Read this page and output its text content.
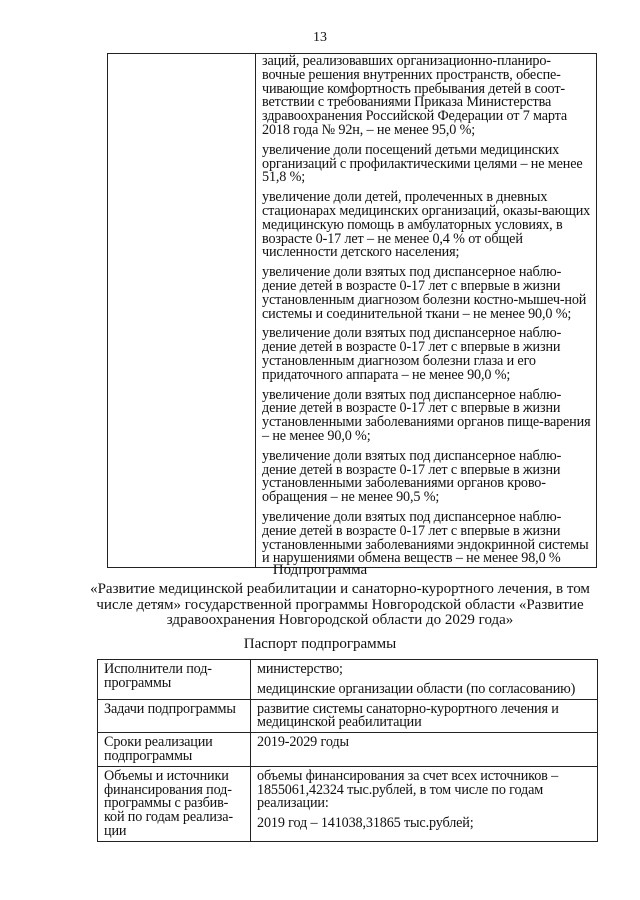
13

заций, реализовавших организационно-планиро-вочные решения внутренних пространств, обеспе-чивающие комфортность пребывания детей в соот-ветствии с требованиями Приказа Министерства здравоохранения Российской Федерации от 7 марта 2018 года № 92н, – не менее 95,0 %;

увеличение доли посещений детьми медицинских организаций с профилактическими целями – не менее 51,8 %;

увеличение доли детей, пролеченных в дневных стационарах медицинских организаций, оказы-вающих медицинскую помощь в амбулаторных условиях, в возрасте 0-17 лет – не менее 0,4 % от общей численности детского населения;

увеличение доли взятых под диспансерное наблю-дение детей в возрасте 0-17 лет с впервые в жизни установленным диагнозом болезни костно-мышеч-ной системы и соединительной ткани – не менее 90,0 %;

увеличение доли взятых под диспансерное наблю-дение детей в возрасте 0-17 лет с впервые в жизни установленным диагнозом болезни глаза и его придаточного аппарата – не менее 90,0 %;

увеличение доли взятых под диспансерное наблю-дение детей в возрасте 0-17 лет с впервые в жизни установленными заболеваниями органов пище-варения – не менее 90,0 %;

увеличение доли взятых под диспансерное наблю-дение детей в возрасте 0-17 лет с впервые в жизни установленными заболеваниями органов крово-обращения – не менее 90,5 %;

увеличение доли взятых под диспансерное наблю-дение детей в возрасте 0-17 лет с впервые в жизни установленными заболеваниями эндокринной системы и нарушениями обмена веществ – не менее 98,0 %

Подпрограмма
«Развитие медицинской реабилитации и санаторно-курортного лечения, в том числе детям» государственной программы Новгородской области «Развитие здравоохранения Новгородской области до 2029 года»
Паспорт подпрограммы
Исполнители под-программы	министерство;

медицинские организации области (по согласованию)

Задачи подпрограммы	развитие системы санаторно-курортного лечения и медицинской реабилитации

Сроки реализации подпрограммы	2019-2029 годы

Объемы и источники финансирования под-программы с разбив-кой по годам реализа-ции	объемы финансирования за счет всех источников – 1855061,42324 тыс.рублей, в том числе по годам реализации:

2019 год – 141038,31865 тыс.рублей;
